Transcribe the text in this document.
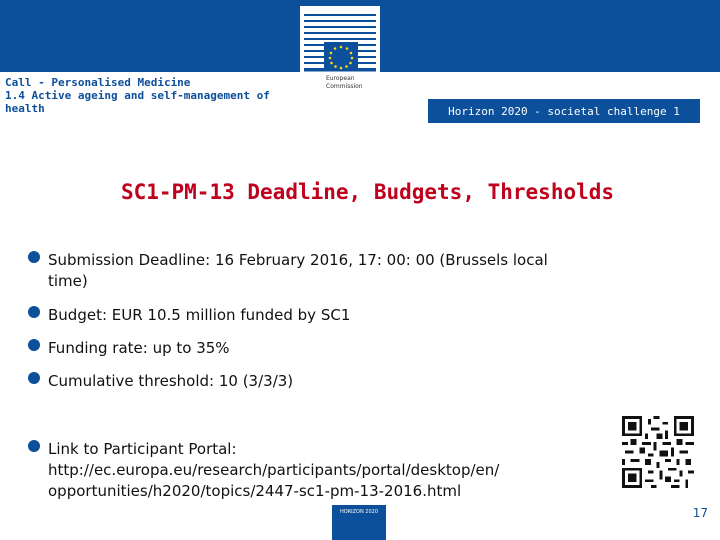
European
Commission
Call - Personalised Medicine
1.4 Active ageing and self-management of
health	Horizon 2020 - societal challenge 1
SC1-PM-13 Deadline, Budgets, Thresholds
Submission Deadline: 16 February 2016, 17: 00: 00 (Brussels local
time)
Budget: EUR 10.5 million funded by SC1
Funding rate: up to 35%
Cumulative threshold: 10 (3/3/3)
Link to Participant Portal:
http://ec.europa.eu/research/participants/portal/desktop/en/
opportunities/h2020/topics/2447-sc1-pm-13-2016.html
HORIZON 2020	17
